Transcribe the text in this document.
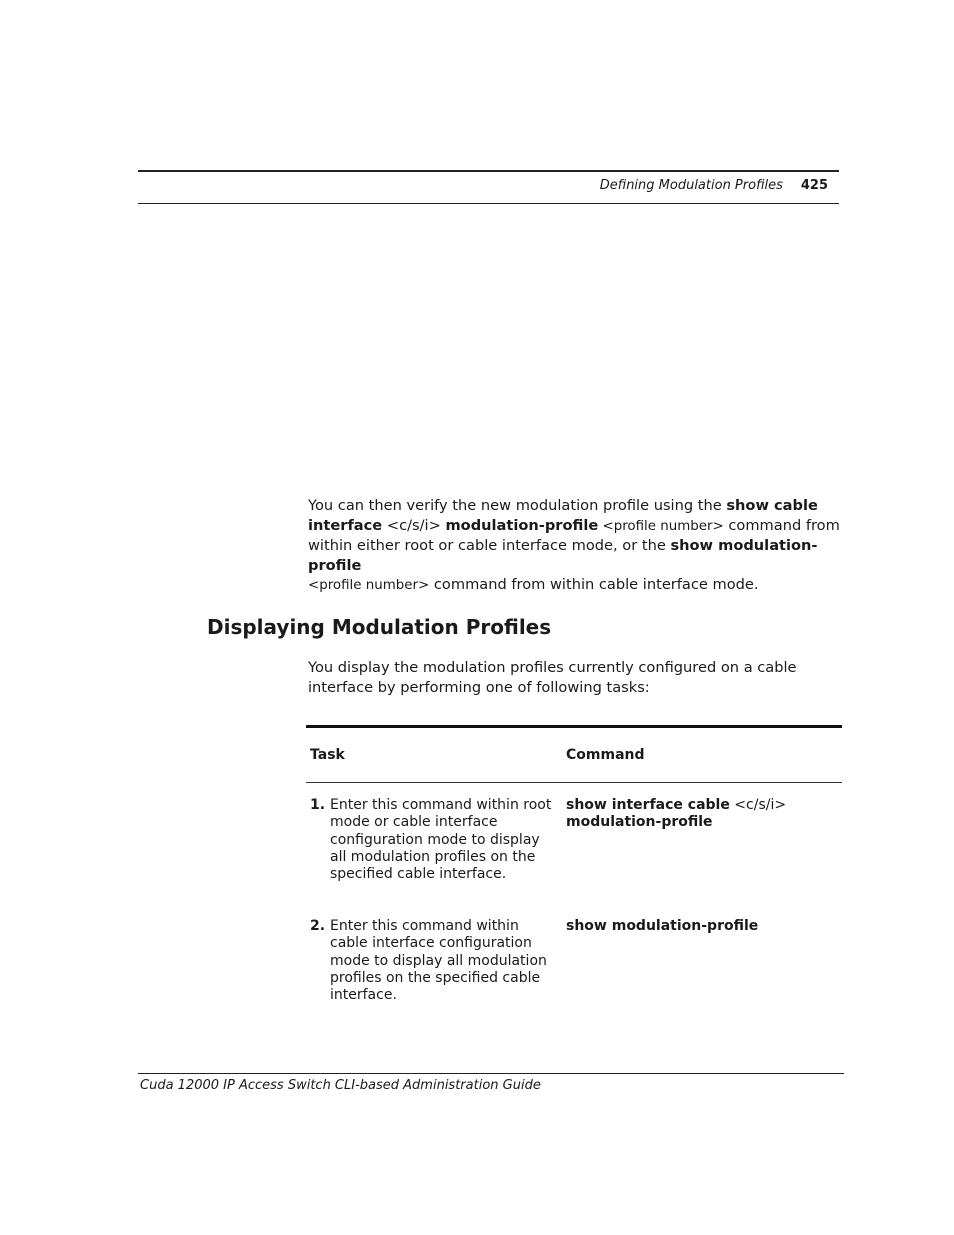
Defining Modulation Profiles 425

You can then verify the new modulation profile using the show cable interface <c/s/i> modulation-profile <profile number> command from within either root or cable interface mode, or the show modulation-profile
<profile number> command from within cable interface mode.

Displaying Modulation Profiles

You display the modulation profiles currently configured on a cable interface by performing one of following tasks:

Task	Command
1. Enter this command within root mode or cable interface configuration mode to display all modulation profiles on the specified cable interface.
show interface cable <c/s/i>
modulation-profile
2. Enter this command within cable interface configuration mode to display all modulation profiles on the specified cable interface.
show modulation-profile
Cuda 12000 IP Access Switch CLI-based Administration Guide
